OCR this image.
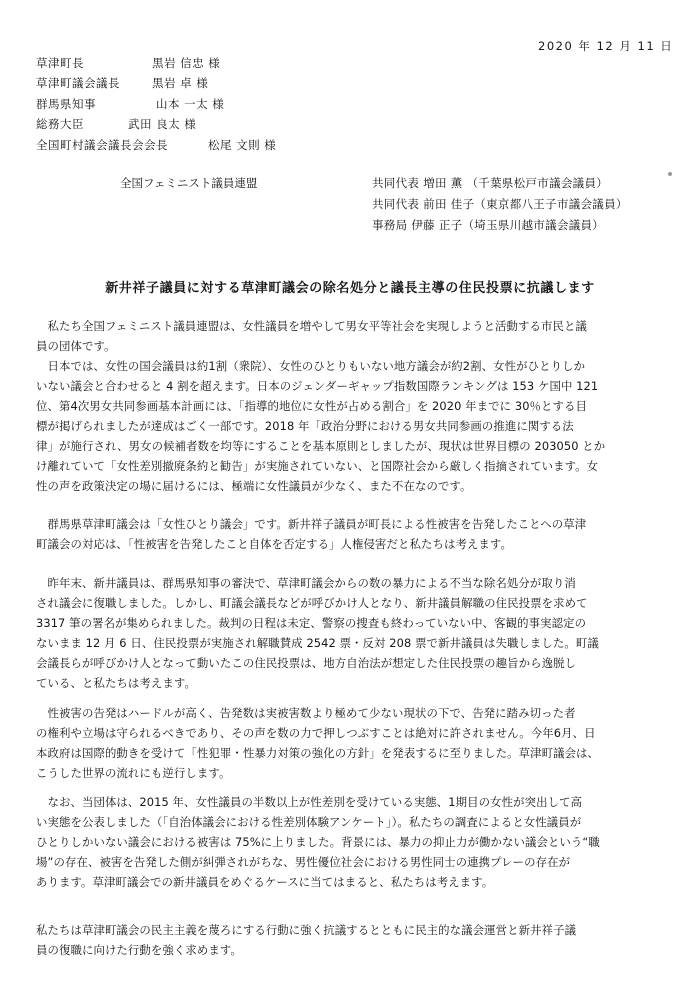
2020 年 12 月 11 日
草津町長	黒岩 信忠 様
草津町議会議長	黒岩 卓 様
群馬県知事	山本 一太 様
総務大臣	武田 良太 様
全国町村議会議長会会長	松尾 文則 様
全国フェミニスト議員連盟	共同代表 増田 薫 （千葉県松戸市議会議員）
共同代表 前田 佳子（東京都八王子市議会議員）
事務局 伊藤 正子（埼玉県川越市議会議員）
新井祥子議員に対する草津町議会の除名処分と議長主導の住民投票に抗議します
　私たち全国フェミニスト議員連盟は、女性議員を増やして男女平等社会を実現しようと活動する市民と議
員の団体です。
　日本では、女性の国会議員は約1割（衆院）、女性のひとりもいない地方議会が約2割、女性がひとりしか
いない議会と合わせると 4 割を超えます。日本のジェンダーギャップ指数国際ランキングは 153 ケ国中 121
位、第4次男女共同参画基本計画には、「指導的地位に女性が占める割合」を 2020 年までに 30％とする目
標が掲げられましたが達成はごく一部です。2018 年「政治分野における男女共同参画の推進に関する法
律」が施行され、男女の候補者数を均等にすることを基本原則としましたが、現状は世界目標の 203050 とか
け離れていて「女性差別撤廃条約と勧告」が実施されていない、と国際社会から厳しく指摘されています。女
性の声を政策決定の場に届けるには、極端に女性議員が少なく、また不在なのです。
　群馬県草津町議会は「女性ひとり議会」です。新井祥子議員が町長による性被害を告発したことへの草津
町議会の対応は、「性被害を告発したこと自体を否定する」人権侵害だと私たちは考えます。
　昨年末、新井議員は、群馬県知事の審決で、草津町議会からの数の暴力による不当な除名処分が取り消
され議会に復職しました。しかし、町議会議長などが呼びかけ人となり、新井議員解職の住民投票を求めて
3317 筆の署名が集められました。裁判の日程は未定、警察の捜査も終わっていない中、客観的事実認定の
ないまま 12 月 6 日、住民投票が実施され解職賛成 2542 票・反対 208 票で新井議員は失職しました。町議
会議長らが呼びかけ人となって動いたこの住民投票は、地方自治法が想定した住民投票の趣旨から逸脱し
ている、と私たちは考えます。
　性被害の告発はハードルが高く、告発数は実被害数より極めて少ない現状の下で、告発に踏み切った者
の権利や立場は守られるべきであり、その声を数の力で押しつぶすことは絶対に許されません。今年6月、日
本政府は国際的動きを受けて「性犯罪・性暴力対策の強化の方針」を発表するに至りました。草津町議会は、
こうした世界の流れにも逆行します。
　なお、当団体は、2015 年、女性議員の半数以上が性差別を受けている実態、1期目の女性が突出して高
い実態を公表しました（「自治体議会における性差別体験アンケート」）。私たちの調査によると女性議員が
ひとりしかいない議会における被害は 75%に上りました。背景には、暴力の抑止力が働かない議会という“職
場”の存在、被害を告発した側が糾弾されがちな、男性優位社会における男性同士の連携プレーの存在が
あります。草津町議会での新井議員をめぐるケースに当てはまると、私たちは考えます。
私たちは草津町議会の民主主義を蔑ろにする行動に強く抗議するとともに民主的な議会運営と新井祥子議
員の復職に向けた行動を強く求めます。
